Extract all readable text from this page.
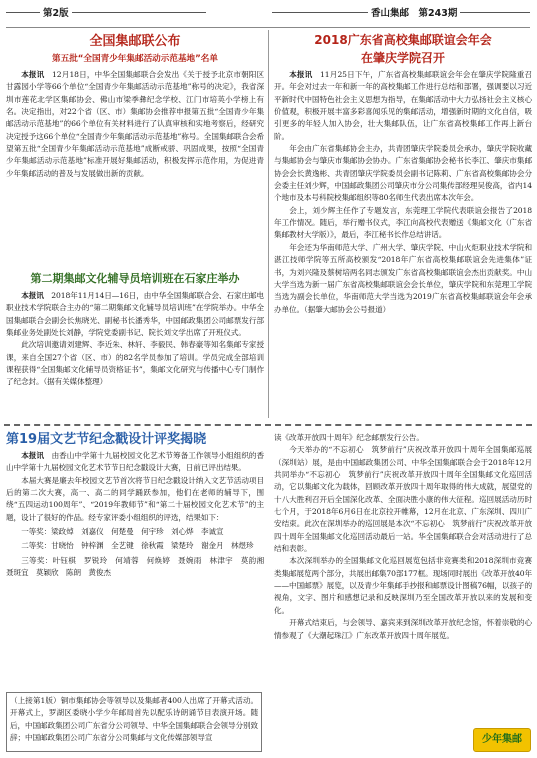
第2版	香山集邮　第243期

全国集邮联公布

第五批“全国青少年集邮活动示范基地”名单

本报讯　 12月18日，中华全国集邮联合会发出《关于授予北京市朝阳区甘露园小学等66个单位“全国青少年集邮活动示范基地”称号的决定》，我省深圳市莲花北学区集邮协会、佛山市梁季彝纪念学校、江门市培英小学榜上有名。决定指出，对22个省（区、市）集邮协会推荐申报第五批“全国青少年集邮活动示范基地”的66个单位有关材料进行了认真审核和实地考察后，经研究决定授予这66个单位“全国青少年集邮活动示范基地”称号。全国集邮联合会希望第五批“全国青少年集邮活动示范基地”成断戒骄、巩固成果，按照“全国青少年集邮活动示范基地”标准开展好集邮活动，积极发挥示范作用，为促进青少年集邮活动的普及与发展做出新的贡献。

第二期集邮文化辅导员培训班在石家庄举办

本报讯　 2018年11月14日—16日，由中华全国集邮联合会、石家庄邮电职业技术学院联合主办的“第二期集邮文化辅导员培训班”在学院举办。中华全国集邮联合会副会长焦晓光、副秘书长潘秀华，中国邮政集团公司邮票发行部集邮业务处副处长刘静，学院党委副书记、院长刘文学出席了开班仪式。

此次培训邀请刘建辉、李近朱、林轩、李毅民、韩春豪等知名集邮专家授课，来自全国27个省（区、市）的82名学员参加了培训。学员完成全部培训课程获得“全国集邮文化辅导员资格证书”，集邮文化研究与传播中心专门制作了纪念封。（据有关媒体整理）

2018广东省高校集邮联谊会年会

在肇庆学院召开

本报讯　 11月25日下午，广东省高校集邮联谊会年会在肇庆学院隆重召开。年会对过去一年和新一年的高校集邮工作进行总结和部署，强调要以习近平新时代中国特色社会主义思想为指导，在集邮活动中大力弘扬社会主义核心价值观，积极开展丰富多彩喜闻乐见的集邮活动，增强新时期的文化自信，吸引更多的年轻人加入协会，壮大集邮队伍，让广东省高校集邮工作再上新台阶。

年会由广东省集邮协会主办，共青团肇庆学院委员会承办，肇庆学院收藏与集邮协会与肇庆市集邮协会协办。广东省集邮协会秘书长李江、肇庆市集邮协会会长黄逸彬、共青团肇庆学院委员会副书记陈莉、广东省高校集邮协会分会委主任刘少辉，中国邮政集团公司肇庆市分公司集传部经理吴俊高，省内14个地市及本号科院校集邮组织等80名师生代表出席本次年会。

会上，刘少辉主任作了专题发言，东莞理工学院代表联谊会报告了2018年工作情况。随后，举行赠书仪式，李江向高校代表赠送《集邮文化（广东省集邮教材大学版）》，最后，李江秘书长作总结讲话。

年会还为华南师范大学、广州大学、肇庆学院、中山火炬职业技术学院和湛江技师学院等五所高校颁发“2018年广东省高校集邮联谊会先进集体”证书，为刘兴隆及蔡树培两名同志颁发广东省高校集邮联谊会杰出贡献奖。中山大学当选为新一届广东省高校集邮联谊会会长单位，肇庆学院和东莞理工学院当选为副会长单位，华南师范大学当选为2019广东省高校集邮联谊会年会承办单位。（据肇大邮协会公号报道）

第19届文艺节纪念戳设计评奖揭晓

本报讯　 由香山中学第十九届校园文化艺术节筹备工作领导小组组织的香山中学第十九届校园文化艺术节节日纪念戳设计大赛，日前已评出结果。

本届大赛是廉去年校园文艺节首次将节日纪念戳设计纳入文艺节活动项目后的第二次大赛，高一、高二的同学踊跃参加，他们在老师的辅导下，围绕“五四运动100周年”、“2019年教师节”和“第二十届校园文化艺术节”的主题，设计了很好的作品。经专家评委小组组织的评选，结果如下：

一等奖：梁政焯　刘嘉仪　何楚曼　何宇珍　刘心烨　李诚宣

二等奖：甘晓怡　钟梓渊　全艺键　徐秋霞　梁楚玲　谢金月　林煜珍

三等奖：叶钰棋　罗锐玲　何靖蓉　何焕婷　聂婉雨　林津宇　莫韵湘　聂斑宜　莫颖欣　陈朗　黄俊杰

（上接第1版）铜市集邮协会等领导以及集邮者400人出席了开幕式活动。开幕式上，罗湖区委晓小学少年邮局首先以配乐诗朗诵节目表演开场。随后，中国邮政集团公司广东省分公司领导、中华全国集邮联合会领导分别致辞；中国邮政集团公司广东省分公司集邮与文化传媒部领导宣

读《改革开放四十周年》纪念邮票发行公告。

今天举办的“不忘初心　筑梦前行”庆祝改革开放四十周年全国集邮巡展（深圳站）展，是由中国邮政集团公司、中华全国集邮联合会于2018年12月共同举办“不忘初心　筑梦前行”庆祝改革开放四十周年全国集邮文化巡回活动，它以集邮文化为载体，回顾改革开放四十周年取得的伟大成就，展望党的十八大胜利召开后全国深化改革、全面决胜小康的伟大征程。巡回展活动历时七个月，于2018年6月6日在北京拉开帷幕，12月在北京、广东深圳、四川广安结束。此次在深圳举办的巡回展是本次“不忘初心　筑梦前行”庆祝改革开放四十周年全国集邮文化巡回活动最后一站。华全国集邮联合会对活动进行了总结和表彰。

本次深圳举办的全国集邮文化巡回展览包括非竞赛类和2018深圳市竞赛类集邮展览两个部分，共展出邮集70部177框。现场同时展出《改革开放40年——中国邮票》展览，以及青少年集邮手抄报和邮票设计图稿76幅，以孩子的视角，文字、图片和感想记录和反映深圳乃至全国改革开放以来的发展和变化。

开幕式结束后，与会领导、嘉宾来到深圳改革开放纪念馆，怀着崇敬的心情参观了《大潮起珠江》广东改革开放四十周年展览。

少年集邮
